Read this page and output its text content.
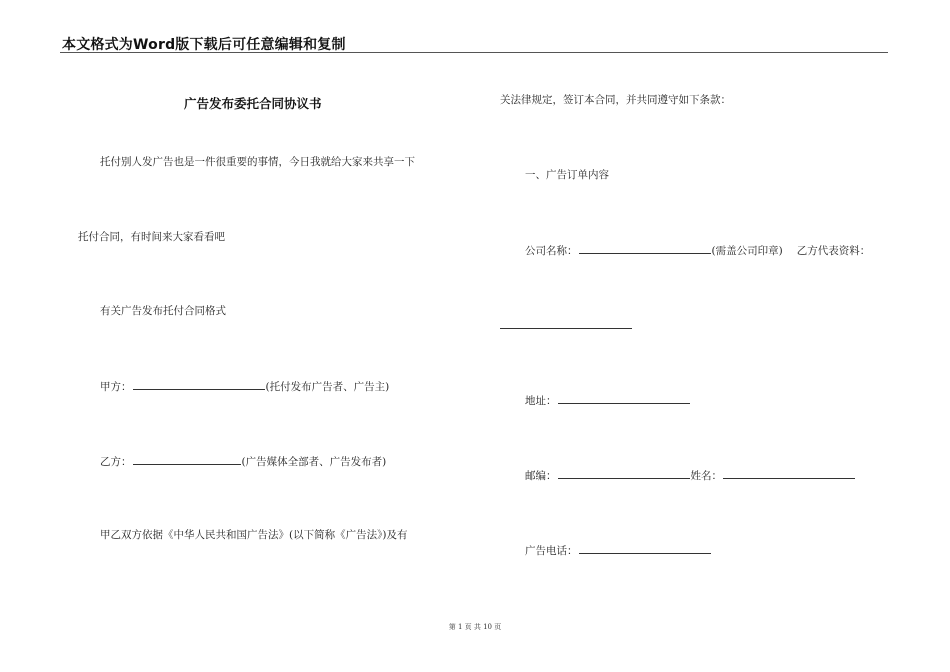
本文格式为Word版下载后可任意编辑和复制
广告发布委托合同协议书
托付别人发广告也是一件很重要的事情，今日我就给大家来共享一下
托付合同，有时间来大家看看吧
有关广告发布托付合同格式
甲方：	(托付发布广告者、广告主)
乙方：	(广告媒体全部者、广告发布者)
甲乙双方依据《中华人民共和国广告法》(以下简称《广告法》)及有
关法律规定，签订本合同，并共同遵守如下条款：
一、广告订单内容
公司名称：	(需盖公司印章) 乙方代表资料：
地址：
邮编：	姓名：
广告电话：
第 1 页 共 10 页
